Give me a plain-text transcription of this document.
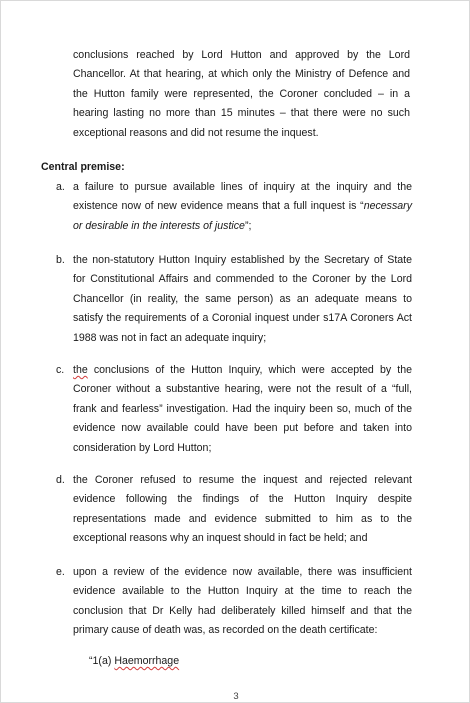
conclusions reached by Lord Hutton and approved by the Lord Chancellor. At that hearing, at which only the Ministry of Defence and the Hutton family were represented, the Coroner concluded – in a hearing lasting no more than 15 minutes – that there were no such exceptional reasons and did not resume the inquest.
Central premise:
a. a failure to pursue available lines of inquiry at the inquiry and the existence now of new evidence means that a full inquest is “necessary or desirable in the interests of justice”;
b. the non-statutory Hutton Inquiry established by the Secretary of State for Constitutional Affairs and commended to the Coroner by the Lord Chancellor (in reality, the same person) as an adequate means to satisfy the requirements of a Coronial inquest under s17A Coroners Act 1988 was not in fact an adequate inquiry;
c. the conclusions of the Hutton Inquiry, which were accepted by the Coroner without a substantive hearing, were not the result of a “full, frank and fearless” investigation. Had the inquiry been so, much of the evidence now available could have been put before and taken into consideration by Lord Hutton;
d. the Coroner refused to resume the inquest and rejected relevant evidence following the findings of the Hutton Inquiry despite representations made and evidence submitted to him as to the exceptional reasons why an inquest should in fact be held; and
e. upon a review of the evidence now available, there was insufficient evidence available to the Hutton Inquiry at the time to reach the conclusion that Dr Kelly had deliberately killed himself and that the primary cause of death was, as recorded on the death certificate:
“1(a) Haemorrhage
3
